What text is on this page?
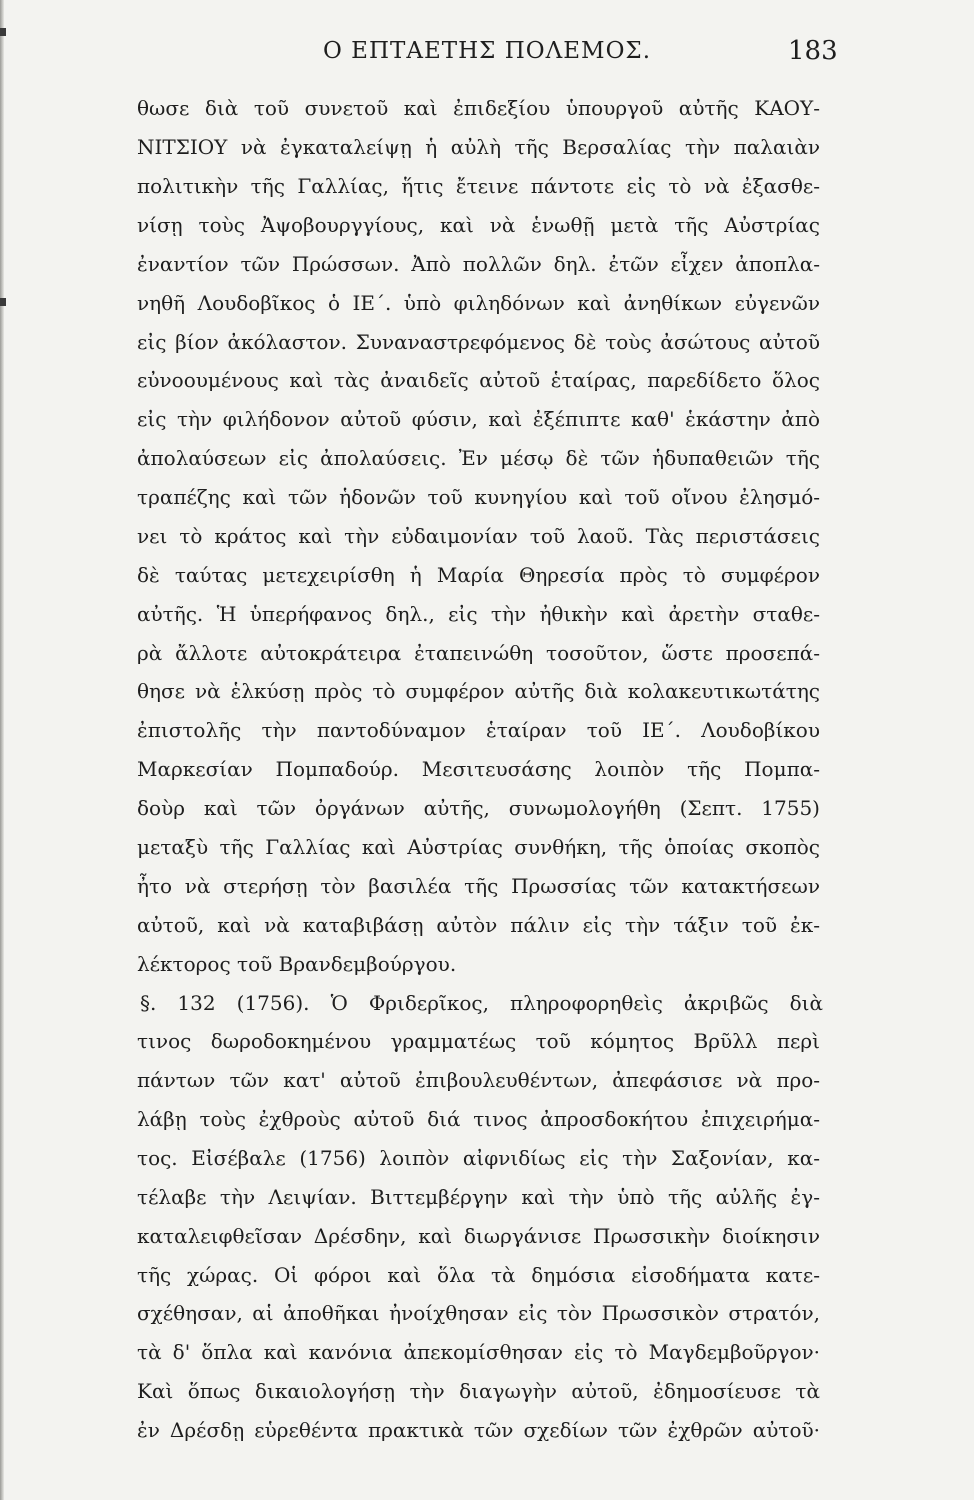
Ο ΕΠΤΑΕΤΗΣ ΠΟΛΕΜΟΣ.	183
θωσε διὰ τοῦ συνετοῦ καὶ ἐπιδεξίου ὑπουργοῦ αὐτῆς ΚΑΟΥ-
ΝΙΤΣΙΟΥ νὰ ἐγκαταλείψῃ ἡ αὐλὴ τῆς Βερσαλίας τὴν παλαιὰν
πολιτικὴν τῆς Γαλλίας, ἥτις ἔτεινε πάντοτε εἰς τὸ νὰ ἐξασθε-
νίσῃ τοὺς Ἀψοβουργγίους, καὶ νὰ ἑνωθῇ μετὰ τῆς Αὐστρίας
ἐναντίον τῶν Πρώσσων. Ἀπὸ πολλῶν δηλ. ἐτῶν εἶχεν ἀποπλα-
νηθῆ Λουδοβῖκος ὁ ΙΕ΄. ὑπὸ φιληδόνων καὶ ἀνηθίκων εὐγενῶν
εἰς βίον ἀκόλαστον. Συναναστρεφόμενος δὲ τοὺς ἀσώτους αὐτοῦ
εὐνοουμένους καὶ τὰς ἀναιδεῖς αὐτοῦ ἑταίρας, παρεδίδετο ὅλος
εἰς τὴν φιλήδονον αὐτοῦ φύσιν, καὶ ἐξέπιπτε καθ' ἑκάστην ἀπὸ
ἀπολαύσεων εἰς ἀπολαύσεις. Ἐν μέσῳ δὲ τῶν ἡδυπαθειῶν τῆς
τραπέζης καὶ τῶν ἡδονῶν τοῦ κυνηγίου καὶ τοῦ οἴνου ἐλησμό-
νει τὸ κράτος καὶ τὴν εὐδαιμονίαν τοῦ λαοῦ. Τὰς περιστάσεις
δὲ ταύτας μετεχειρίσθη ἡ Μαρία Θηρεσία πρὸς τὸ συμφέρον
αὐτῆς. Ἡ ὑπερήφανος δηλ., εἰς τὴν ἠθικὴν καὶ ἀρετὴν σταθε-
ρὰ ἄλλοτε αὐτοκράτειρα ἐταπεινώθη τοσοῦτον, ὥστε προσεπά-
θησε νὰ ἑλκύσῃ πρὸς τὸ συμφέρον αὐτῆς διὰ κολακευτικωτάτης
ἐπιστολῆς τὴν παντοδύναμον ἑταίραν τοῦ ΙΕ΄. Λουδοβίκου
Μαρκεσίαν Πομπαδούρ. Μεσιτευσάσης λοιπὸν τῆς Πομπα-
δοὺρ καὶ τῶν ὀργάνων αὐτῆς, συνωμολογήθη (Σεπτ. 1755)
μεταξὺ τῆς Γαλλίας καὶ Αὐστρίας συνθήκη, τῆς ὁποίας σκοπὸς
ἦτο νὰ στερήσῃ τὸν βασιλέα τῆς Πρωσσίας τῶν κατακτήσεων
αὐτοῦ, καὶ νὰ καταβιβάσῃ αὐτὸν πάλιν εἰς τὴν τάξιν τοῦ ἐκ-
λέκτορος τοῦ Βρανδεμβούργου.
§. 132 (1756). Ὁ Φριδερῖκος, πληροφορηθεὶς ἀκριβῶς διὰ
τινος δωροδοκημένου γραμματέως τοῦ κόμητος Βρῦλλ περὶ
πάντων τῶν κατ' αὐτοῦ ἐπιβουλευθέντων, ἀπεφάσισε νὰ προ-
λάβῃ τοὺς ἐχθροὺς αὐτοῦ διά τινος ἀπροσδοκήτου ἐπιχειρήμα-
τος. Εἰσέβαλε (1756) λοιπὸν αἰφνιδίως εἰς τὴν Σαξονίαν, κα-
τέλαβε τὴν Λειψίαν. Βιττεμβέργην καὶ τὴν ὑπὸ τῆς αὐλῆς ἐγ-
καταλειφθεῖσαν Δρέσδην, καὶ διωργάνισε Πρωσσικὴν διοίκησιν
τῆς χώρας. Οἱ φόροι καὶ ὅλα τὰ δημόσια εἰσοδήματα κατε-
σχέθησαν, αἱ ἀποθῆκαι ἠνοίχθησαν εἰς τὸν Πρωσσικὸν στρατόν,
τὰ δ' ὅπλα καὶ κανόνια ἀπεκομίσθησαν εἰς τὸ Μαγδεμβοῦργον·
Καὶ ὅπως δικαιολογήσῃ τὴν διαγωγὴν αὐτοῦ, ἐδημοσίευσε τὰ
ἐν Δρέσδῃ εὑρεθέντα πρακτικὰ τῶν σχεδίων τῶν ἐχθρῶν αὐτοῦ·
